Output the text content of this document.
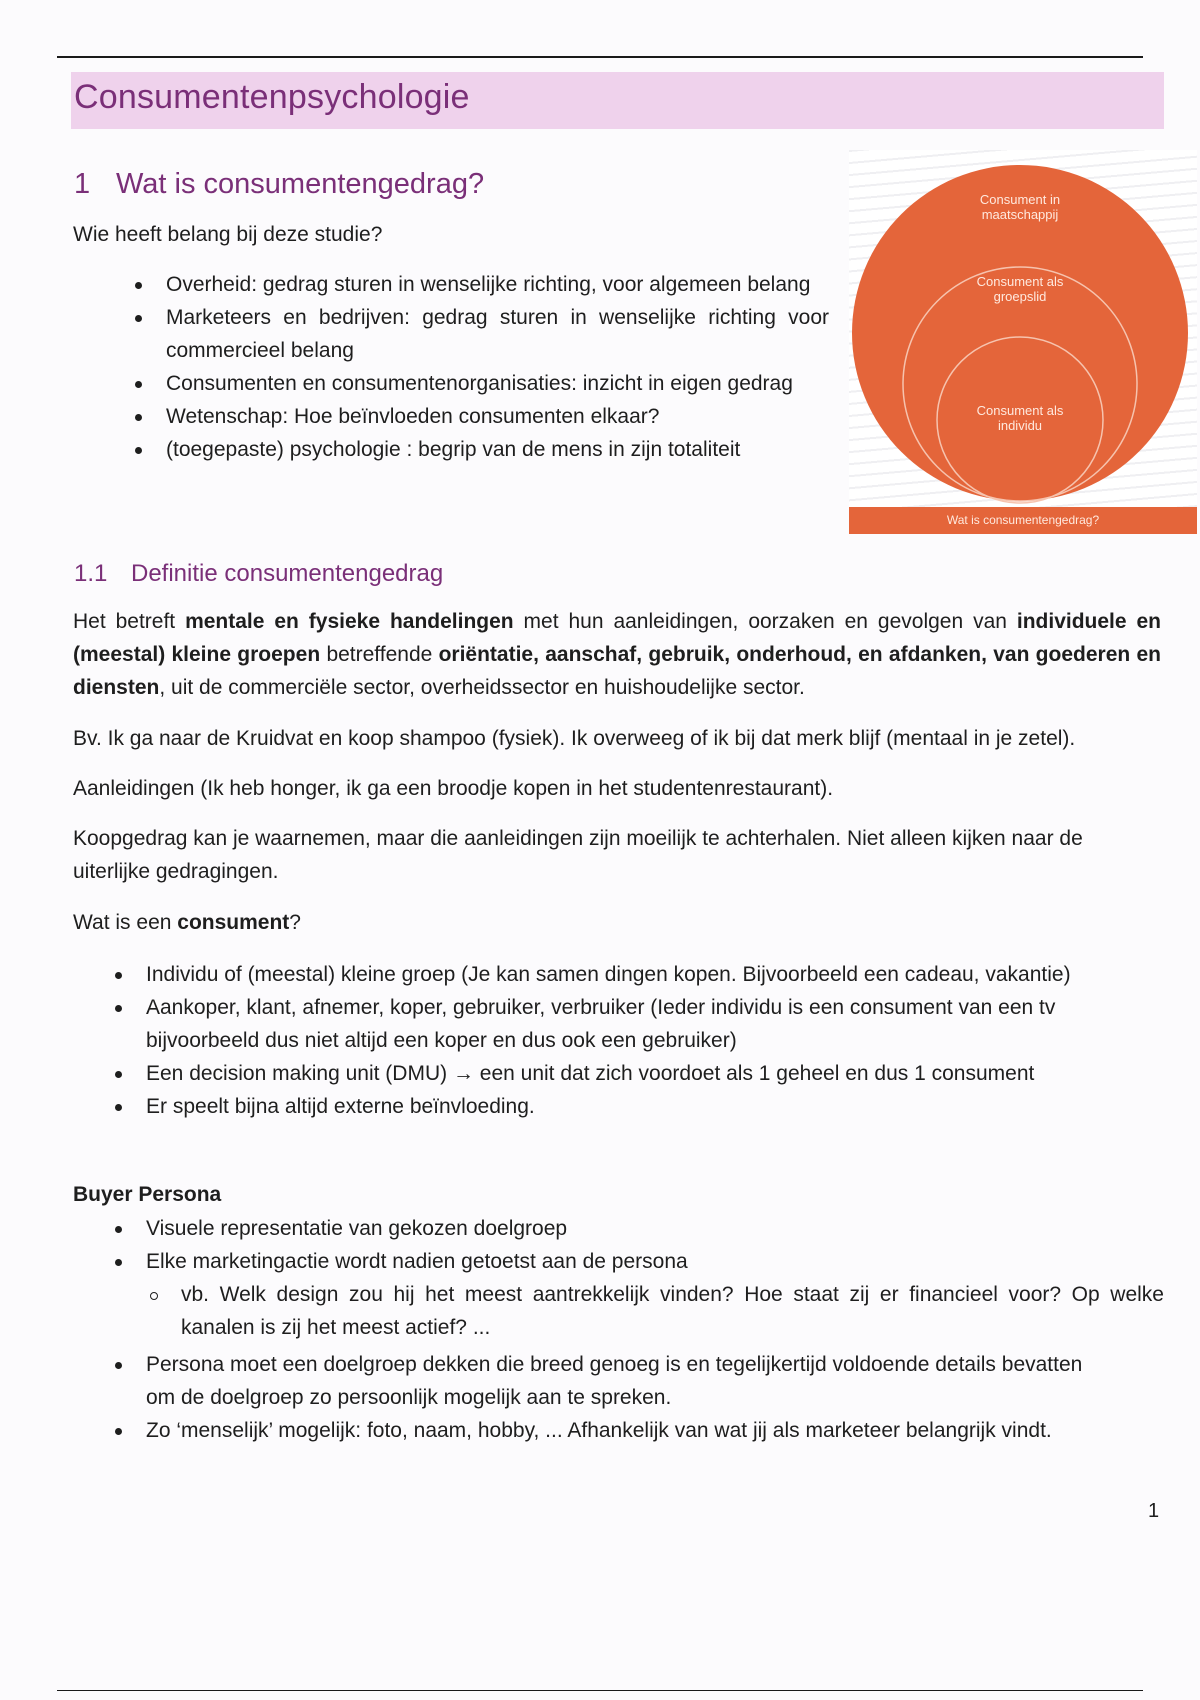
Consumentenpsychologie
1 Wat is consumentengedrag?
Wie heeft belang bij deze studie?
Overheid: gedrag sturen in wenselijke richting, voor algemeen belang
Marketeers en bedrijven: gedrag sturen in wenselijke richting voor commercieel belang
Consumenten en consumentenorganisaties: inzicht in eigen gedrag
Wetenschap: Hoe beïnvloeden consumenten elkaar?
(toegepaste) psychologie : begrip van de mens in zijn totaliteit
Consument in maatschappij
Consument als groepslid
Consument als individu
Wat is consumentengedrag?
1.1 Definitie consumentengedrag
Het betreft mentale en fysieke handelingen met hun aanleidingen, oorzaken en gevolgen van individuele en (meestal) kleine groepen betreffende oriëntatie, aanschaf, gebruik, onderhoud, en afdanken, van goederen en diensten, uit de commerciële sector, overheidssector en huishoudelijke sector.
Bv. Ik ga naar de Kruidvat en koop shampoo (fysiek). Ik overweeg of ik bij dat merk blijf (mentaal in je zetel).
Aanleidingen (Ik heb honger, ik ga een broodje kopen in het studentenrestaurant).
Koopgedrag kan je waarnemen, maar die aanleidingen zijn moeilijk te achterhalen. Niet alleen kijken naar de uiterlijke gedragingen.
Wat is een consument?
Individu of (meestal) kleine groep (Je kan samen dingen kopen. Bijvoorbeeld een cadeau, vakantie)
Aankoper, klant, afnemer, koper, gebruiker, verbruiker (Ieder individu is een consument van een tv bijvoorbeeld dus niet altijd een koper en dus ook een gebruiker)
Een decision making unit (DMU) → een unit dat zich voordoet als 1 geheel en dus 1 consument
Er speelt bijna altijd externe beïnvloeding.
Buyer Persona
Visuele representatie van gekozen doelgroep
Elke marketingactie wordt nadien getoetst aan de persona
vb. Welk design zou hij het meest aantrekkelijk vinden? Hoe staat zij er financieel voor? Op welke kanalen is zij het meest actief? ...
Persona moet een doelgroep dekken die breed genoeg is en tegelijkertijd voldoende details bevatten om de doelgroep zo persoonlijk mogelijk aan te spreken.
Zo ‘menselijk’ mogelijk: foto, naam, hobby, ... Afhankelijk van wat jij als marketeer belangrijk vindt.
1
